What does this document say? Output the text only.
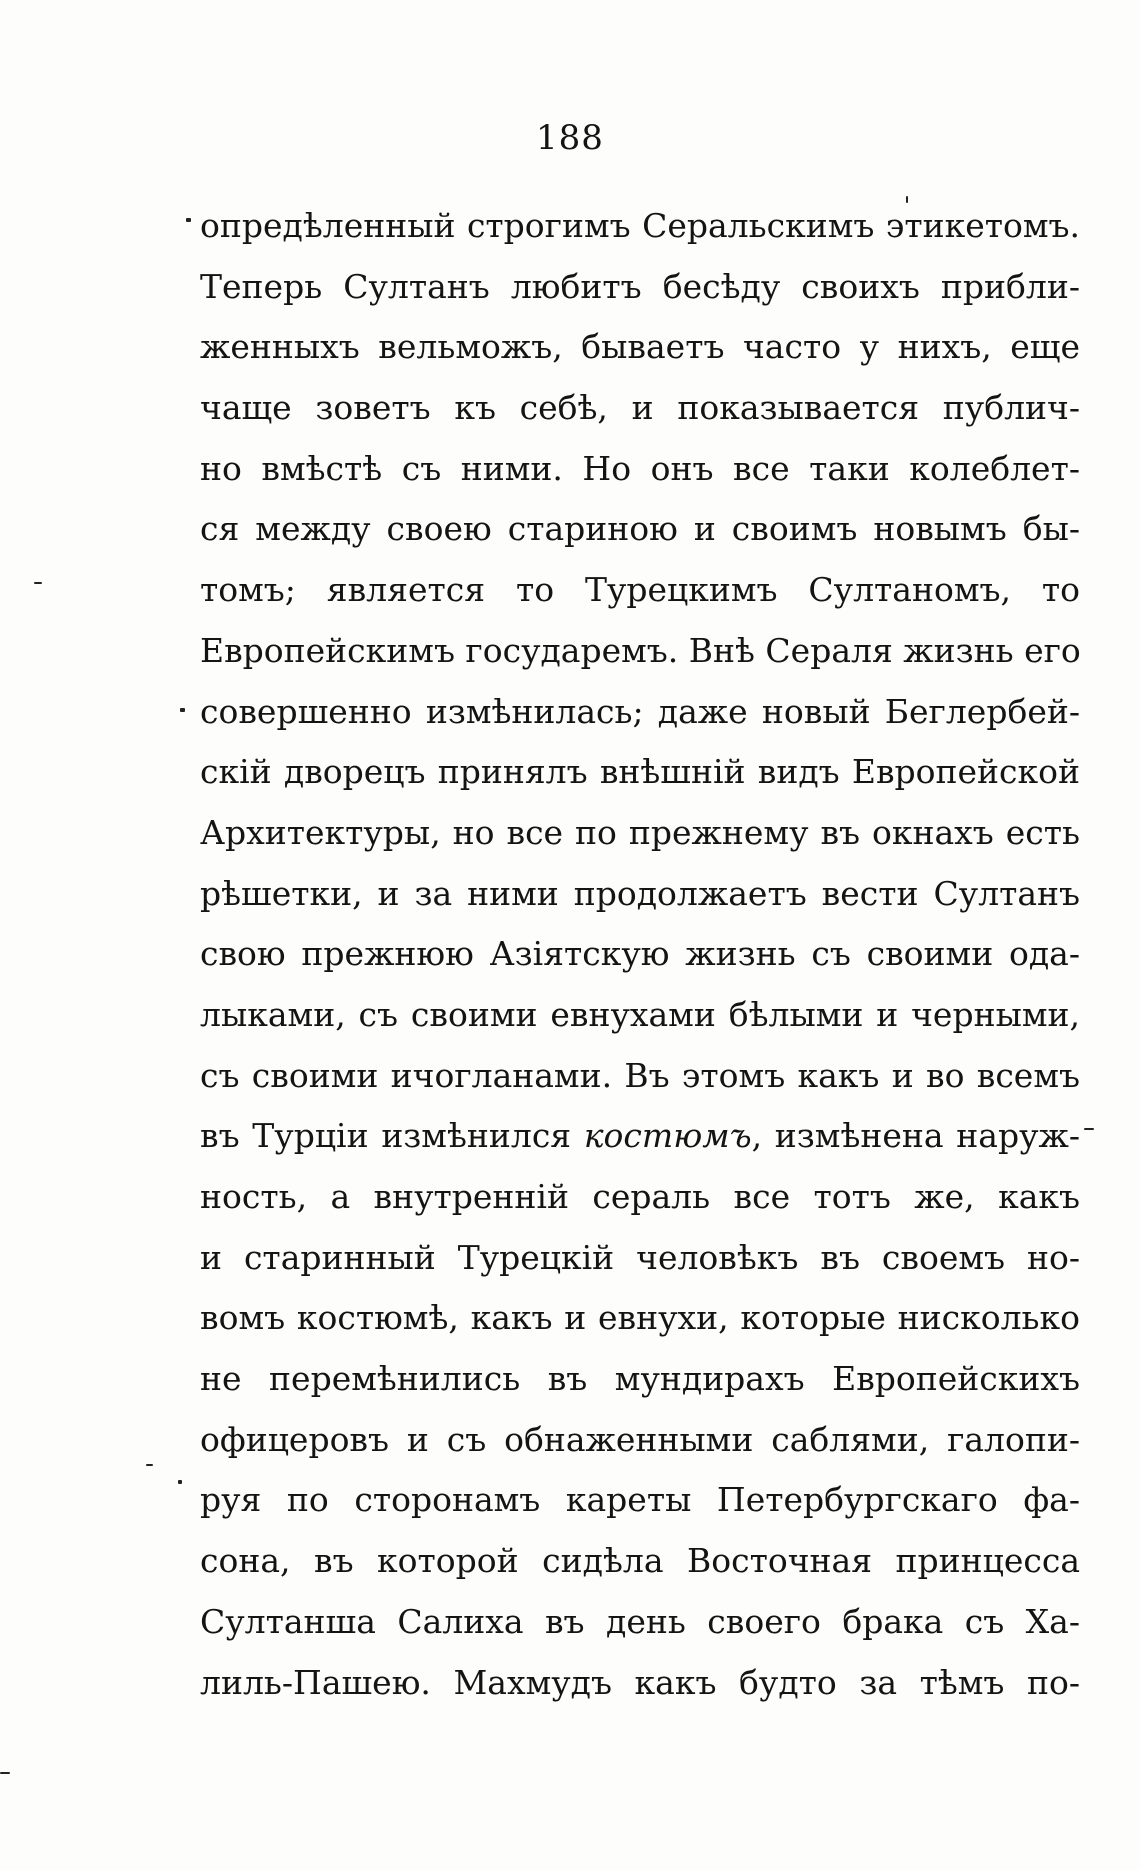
188
опредѣленный строгимъ Серальскимъ этикетомъ.
Теперь Султанъ любитъ бесѣду своихъ прибли-
женныхъ вельможъ, бываетъ часто у нихъ, еще
чаще зоветъ къ себѣ, и показывается публич-
но вмѣстѣ съ ними. Но онъ все таки колеблет-
ся между своею стариною и своимъ новымъ бы-
томъ; является то Турецкимъ Султаномъ, то
Европейскимъ государемъ. Внѣ Сераля жизнь его
совершенно измѣнилась; даже новый Беглербей-
скій дворецъ принялъ внѣшній видъ Европейской
Архитектуры, но все по прежнему въ окнахъ есть
рѣшетки, и за ними продолжаетъ вести Султанъ
свою прежнюю Азіятскую жизнь съ своими ода-
лыками, съ своими евнухами бѣлыми и черными,
съ своими ичогланами. Въ этомъ какъ и во всемъ
въ Турціи измѣнился костюмъ, измѣнена наруж-
ность, а внутренній сераль все тотъ же, какъ
и старинный Турецкій человѣкъ въ своемъ но-
вомъ костюмѣ, какъ и евнухи, которые нисколько
не перемѣнились въ мундирахъ Европейскихъ
офицеровъ и съ обнаженными саблями, галопи-
руя по сторонамъ кареты Петербургскаго фа-
сона, въ которой сидѣла Восточная принцесса
Султанша Салиха въ день своего брака съ Ха-
лиль-Пашею. Махмудъ какъ будто за тѣмъ по-
